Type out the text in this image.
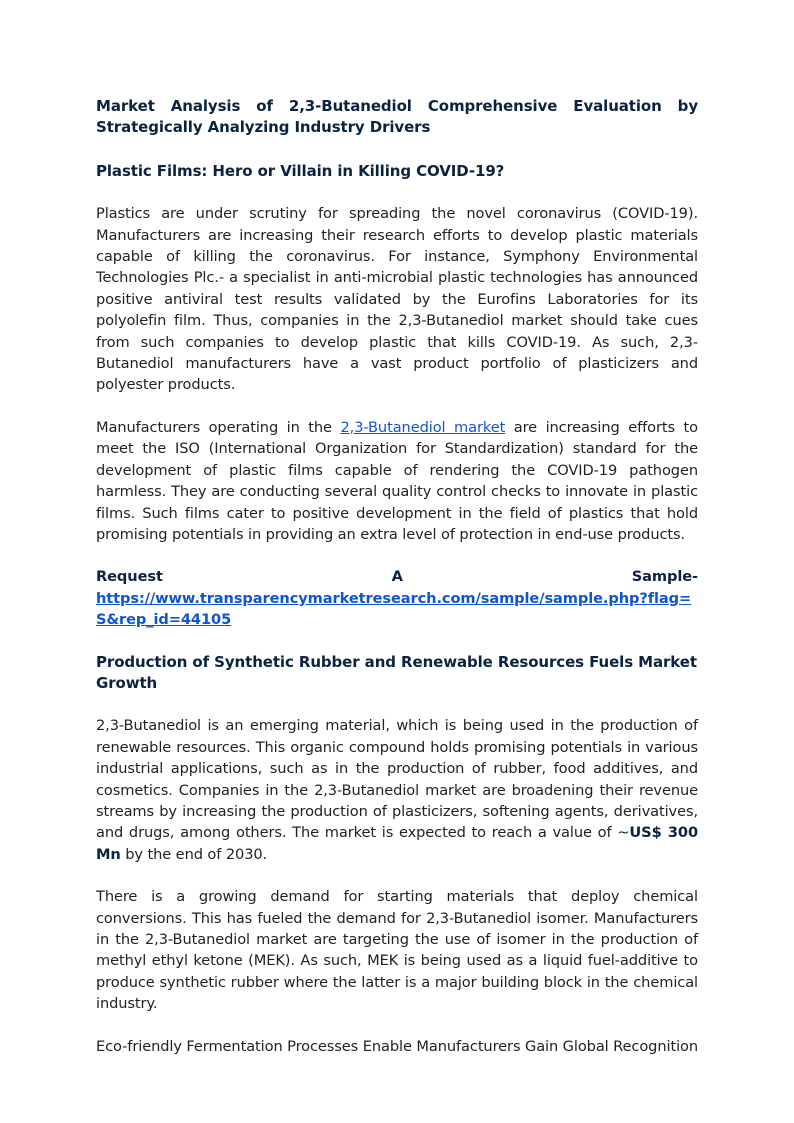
Market Analysis of 2,3-Butanediol Comprehensive Evaluation by Strategically Analyzing Industry Drivers
Plastic Films: Hero or Villain in Killing COVID-19?

Plastics are under scrutiny for spreading the novel coronavirus (COVID-19). Manufacturers are increasing their research efforts to develop plastic materials capable of killing the coronavirus. For instance, Symphony Environmental Technologies Plc.- a specialist in anti-microbial plastic technologies has announced positive antiviral test results validated by the Eurofins Laboratories for its polyolefin film. Thus, companies in the 2,3-Butanediol market should take cues from such companies to develop plastic that kills COVID-19. As such, 2,3-Butanediol manufacturers have a vast product portfolio of plasticizers and polyester products.

Manufacturers operating in the 2,3-Butanediol market are increasing efforts to meet the ISO (International Organization for Standardization) standard for the development of plastic films capable of rendering the COVID-19 pathogen harmless. They are conducting several quality control checks to innovate in plastic films. Such films cater to positive development in the field of plastics that hold promising potentials in providing an extra level of protection in end-use products.

Request	A	Sample-
https://www.transparencymarketresearch.com/sample/sample.php?flag=S&rep_id=44105
Production of Synthetic Rubber and Renewable Resources Fuels Market Growth

2,3-Butanediol is an emerging material, which is being used in the production of renewable resources. This organic compound holds promising potentials in various industrial applications, such as in the production of rubber, food additives, and cosmetics. Companies in the 2,3-Butanediol market are broadening their revenue streams by increasing the production of plasticizers, softening agents, derivatives, and drugs, among others. The market is expected to reach a value of ~US$ 300 Mn by the end of 2030.

There is a growing demand for starting materials that deploy chemical conversions. This has fueled the demand for 2,3-Butanediol isomer. Manufacturers in the 2,3-Butanediol market are targeting the use of isomer in the production of methyl ethyl ketone (MEK). As such, MEK is being used as a liquid fuel-additive to produce synthetic rubber where the latter is a major building block in the chemical industry.

Eco-friendly Fermentation Processes Enable Manufacturers Gain Global Recognition
